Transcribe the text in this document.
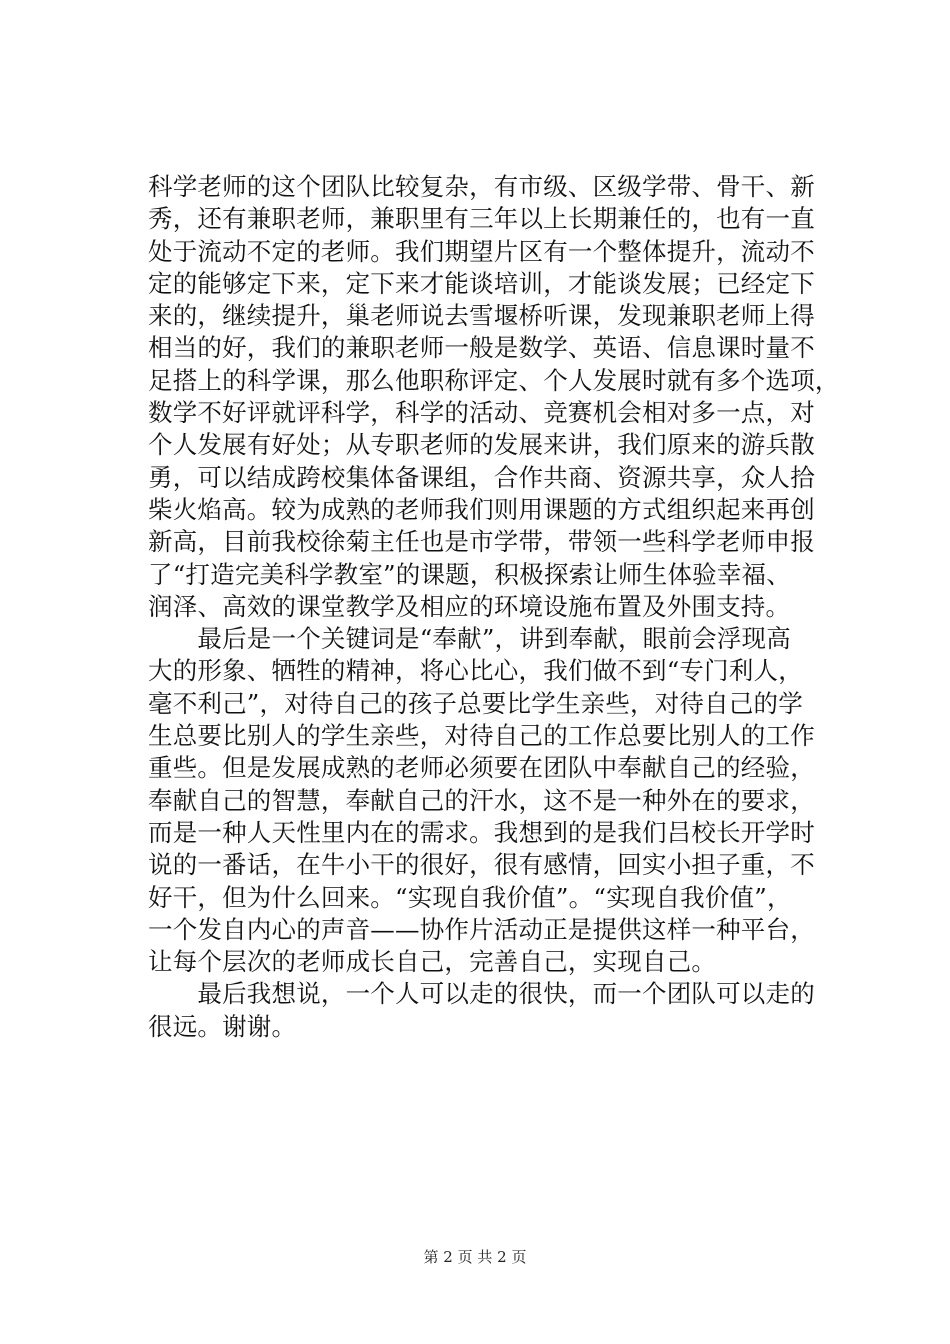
科学老师的这个团队比较复杂，有市级、区级学带、骨干、新
秀，还有兼职老师，兼职里有三年以上长期兼任的，也有一直
处于流动不定的老师。我们期望片区有一个整体提升，流动不
定的能够定下来，定下来才能谈培训，才能谈发展；已经定下
来的，继续提升，巢老师说去雪堰桥听课，发现兼职老师上得
相当的好，我们的兼职老师一般是数学、英语、信息课时量不
足搭上的科学课，那么他职称评定、个人发展时就有多个选项，
数学不好评就评科学，科学的活动、竞赛机会相对多一点，对
个人发展有好处；从专职老师的发展来讲，我们原来的游兵散
勇，可以结成跨校集体备课组，合作共商、资源共享，众人拾
柴火焰高。较为成熟的老师我们则用课题的方式组织起来再创
新高，目前我校徐菊主任也是市学带，带领一些科学老师申报
了“打造完美科学教室”的课题，积极探索让师生体验幸福、
润泽、高效的课堂教学及相应的环境设施布置及外围支持。
　　最后是一个关键词是“奉献”，讲到奉献，眼前会浮现高
大的形象、牺牲的精神，将心比心，我们做不到“专门利人，
毫不利己”，对待自己的孩子总要比学生亲些，对待自己的学
生总要比别人的学生亲些，对待自己的工作总要比别人的工作
重些。但是发展成熟的老师必须要在团队中奉献自己的经验，
奉献自己的智慧，奉献自己的汗水，这不是一种外在的要求，
而是一种人天性里内在的需求。我想到的是我们吕校长开学时
说的一番话，在牛小干的很好，很有感情，回实小担子重，不
好干，但为什么回来。“实现自我价值”。“实现自我价值”，
一个发自内心的声音——协作片活动正是提供这样一种平台，
让每个层次的老师成长自己，完善自己，实现自己。
　　最后我想说，一个人可以走的很快，而一个团队可以走的
很远。谢谢。
第 2 页 共 2 页
